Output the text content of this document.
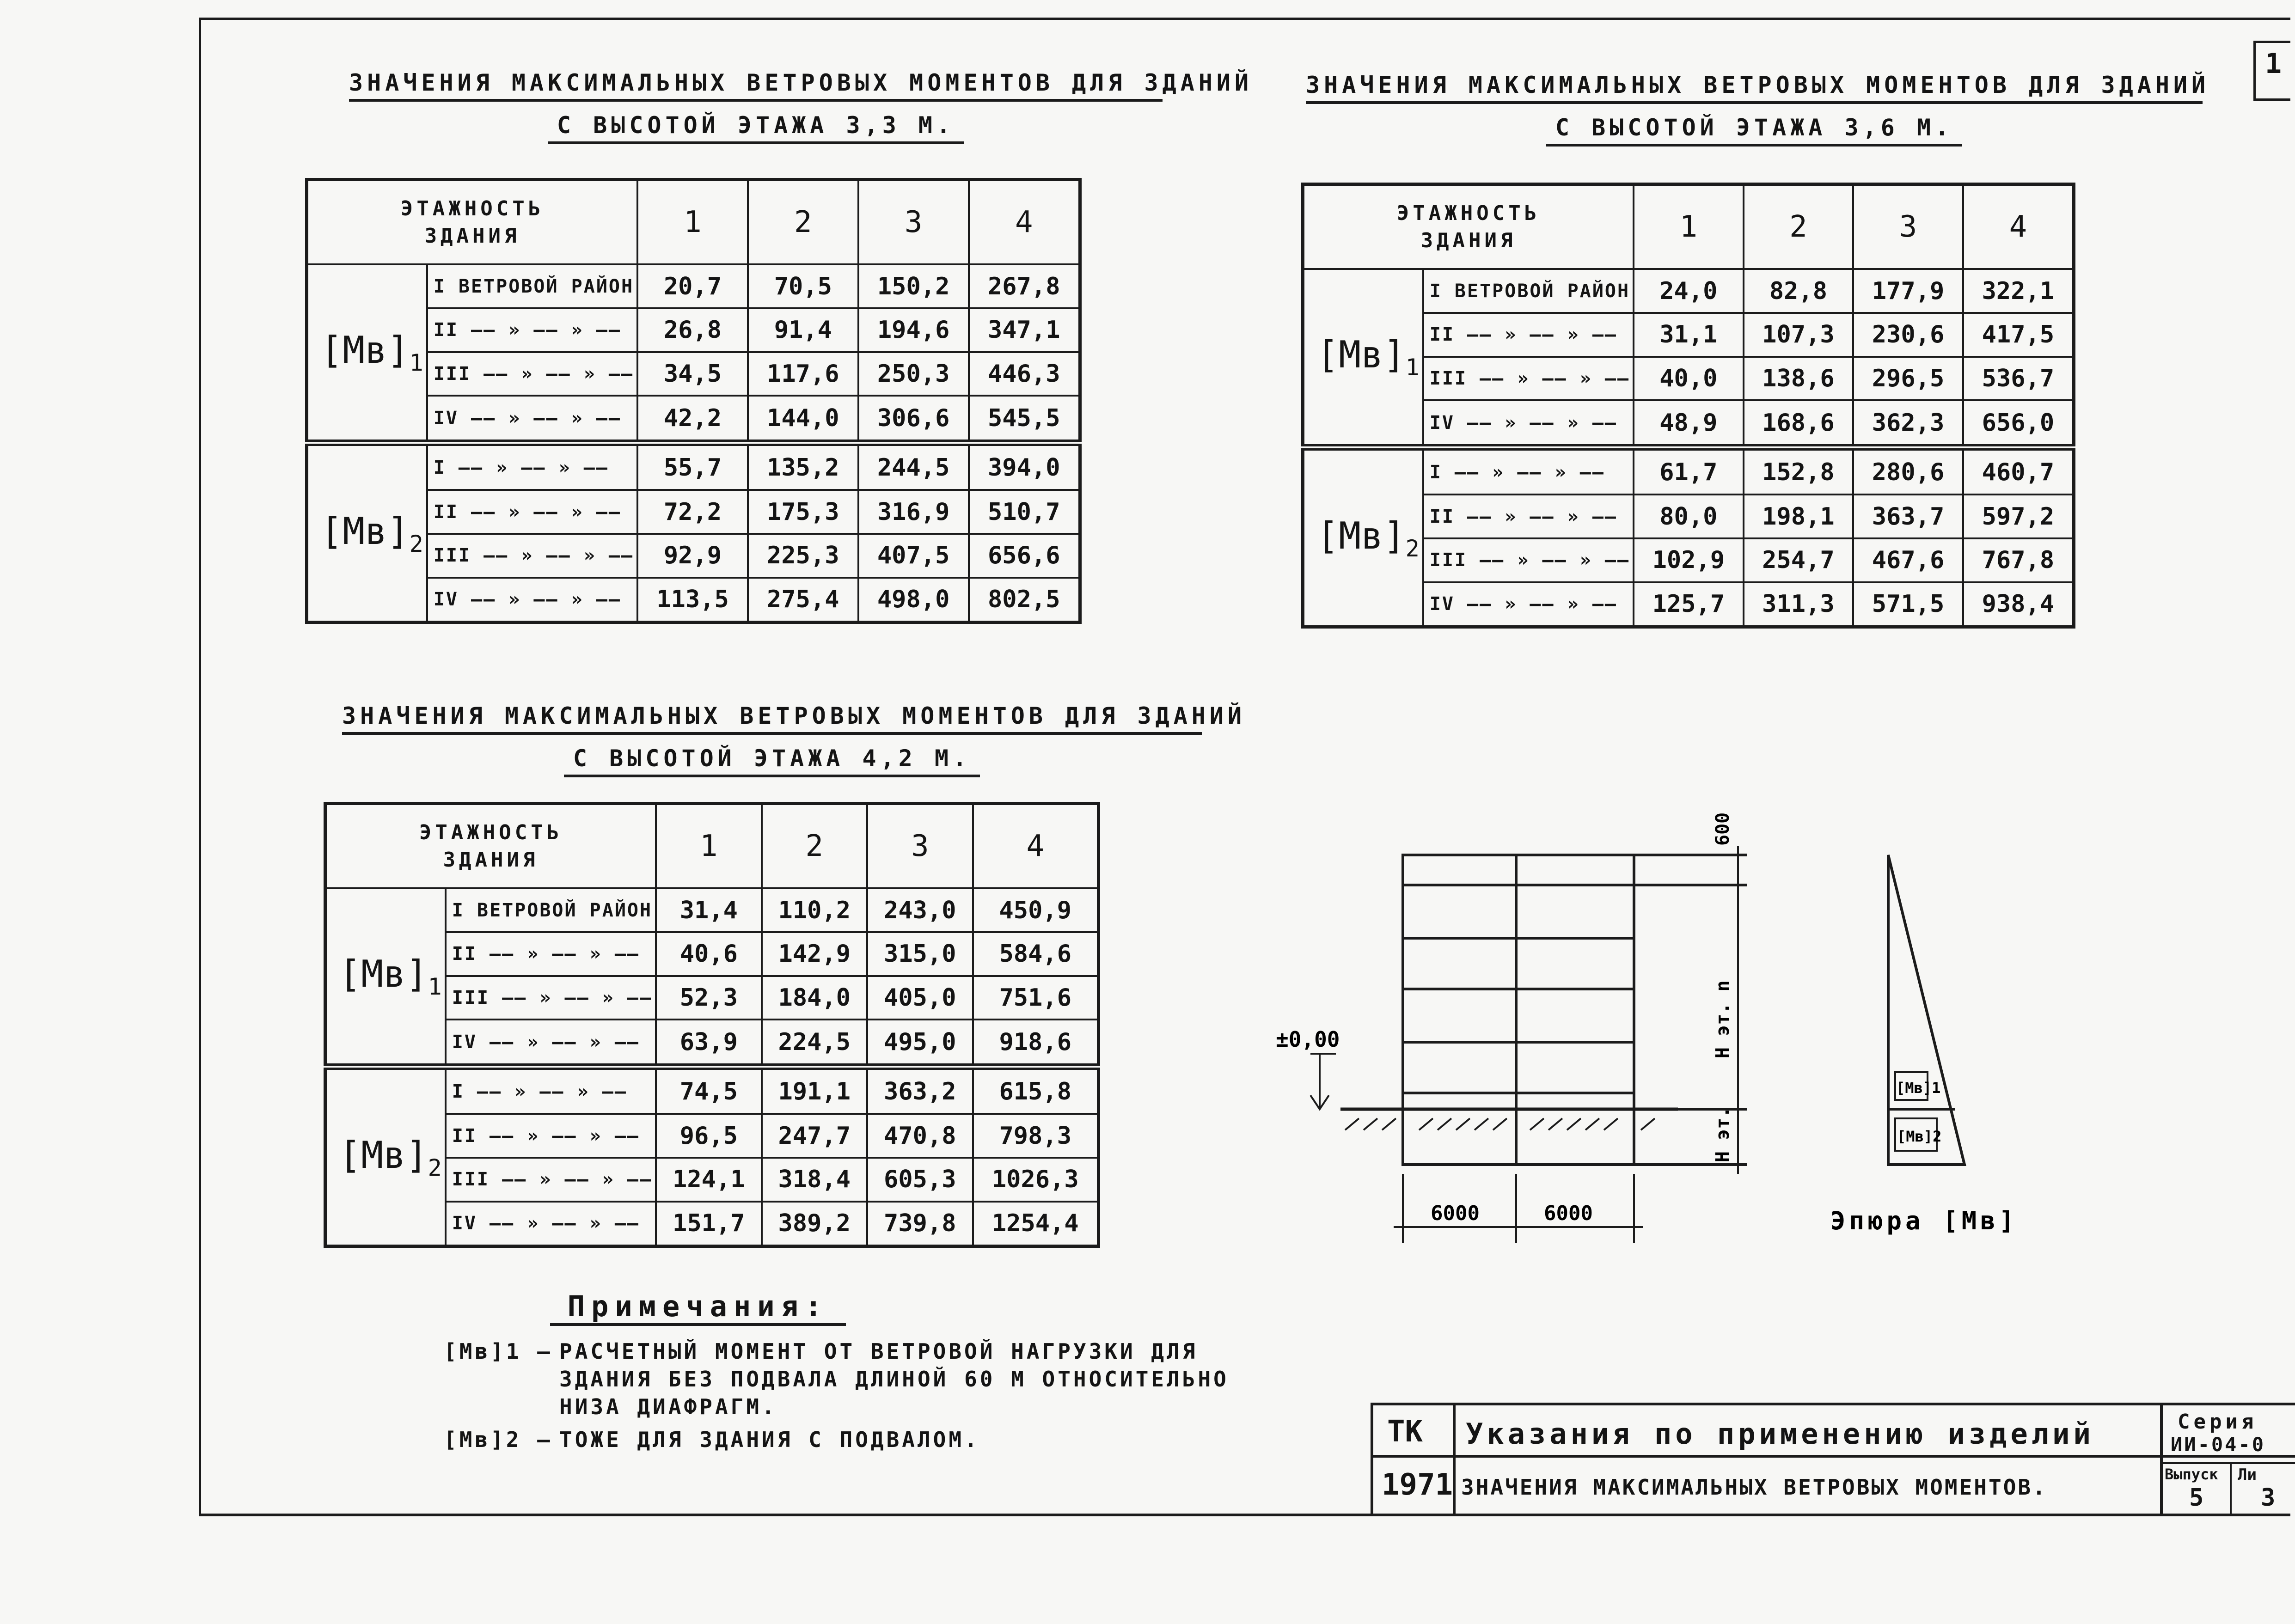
1
ЗНАЧЕНИЯ МАКСИМАЛЬНЫХ ВЕТРОВЫХ МОМЕНТОВ ДЛЯ ЗДАНИЙ
С ВЫСОТОЙ ЭТАЖА 3,3 М.
ЭТАЖНОСТЬ
ЗДАНИЯ		1	2	3	4
$[Mв]_1$	I ВЕТРОВОЙ РАЙОН	20,7	70,5	150,2	267,8
	II —— » —— » ——	26,8	91,4	194,6	347,1
	III —— » —— » ——	34,5	117,6	250,3	446,3
	IV —— » —— » ——	42,2	144,0	306,6	545,5
$[Mв]_2$	I —— » —— » ——	55,7	135,2	244,5	394,0
	II —— » —— » ——	72,2	175,3	316,9	510,7
	III —— » —— » ——	92,9	225,3	407,5	656,6
	IV —— » —— » ——	113,5	275,4	498,0	802,5
ЗНАЧЕНИЯ МАКСИМАЛЬНЫХ ВЕТРОВЫХ МОМЕНТОВ ДЛЯ ЗДАНИЙ
С ВЫСОТОЙ ЭТАЖА 3,6 М.
ЭТАЖНОСТЬ
ЗДАНИЯ		1	2	3	4
$[Mв]_1$	I ВЕТРОВОЙ РАЙОН	24,0	82,8	177,9	322,1
	II —— » —— » ——	31,1	107,3	230,6	417,5
	III —— » —— » ——	40,0	138,6	296,5	536,7
	IV —— » —— » ——	48,9	168,6	362,3	656,0
$[Mв]_2$	I —— » —— » ——	61,7	152,8	280,6	460,7
	II —— » —— » ——	80,0	198,1	363,7	597,2
	III —— » —— » ——	102,9	254,7	467,6	767,8
	IV —— » —— » ——	125,7	311,3	571,5	938,4
ЗНАЧЕНИЯ МАКСИМАЛЬНЫХ ВЕТРОВЫХ МОМЕНТОВ ДЛЯ ЗДАНИЙ
С ВЫСОТОЙ ЭТАЖА 4,2 М.
ЭТАЖНОСТЬ
ЗДАНИЯ		1	2	3	4
$[Mв]_1$	I ВЕТРОВОЙ РАЙОН	31,4	110,2	243,0	450,9
	II —— » —— » ——	40,6	142,9	315,0	584,6
	III —— » —— » ——	52,3	184,0	405,0	751,6
	IV —— » —— » ——	63,9	224,5	495,0	918,6
$[Mв]_2$	I —— » —— » ——	74,5	191,1	363,2	615,8
	II —— » —— » ——	96,5	247,7	470,8	798,3
	III —— » —— » ——	124,1	318,4	605,3	1026,3
	IV —— » —— » ——	151,7	389,2	739,8	1254,4
±0,00
600
Н эт. n
Н эт.
6000	6000	Эпюра [Mв]
[Mв]1
[Mв]2
Примечания:
[Mв]1 – РАСЧЕТНЫЙ МОМЕНТ ОТ ВЕТРОВОЙ НАГРУЗКИ ДЛЯ ЗДАНИЯ БЕЗ ПОДВАЛА ДЛИНОЙ 60 М ОТНОСИТЕЛЬНО НИЗА ДИАФРАГМ.
[Mв]2 – ТОЖЕ ДЛЯ ЗДАНИЯ С ПОДВАЛОМ.	ТК
1971
Указания по применению изделий
ЗНАЧЕНИЯ МАКСИМАЛЬНЫХ ВЕТРОВЫХ МОМЕНТОВ.
Серия
ИИ-04-0
Выпуск
5
Ли
3
